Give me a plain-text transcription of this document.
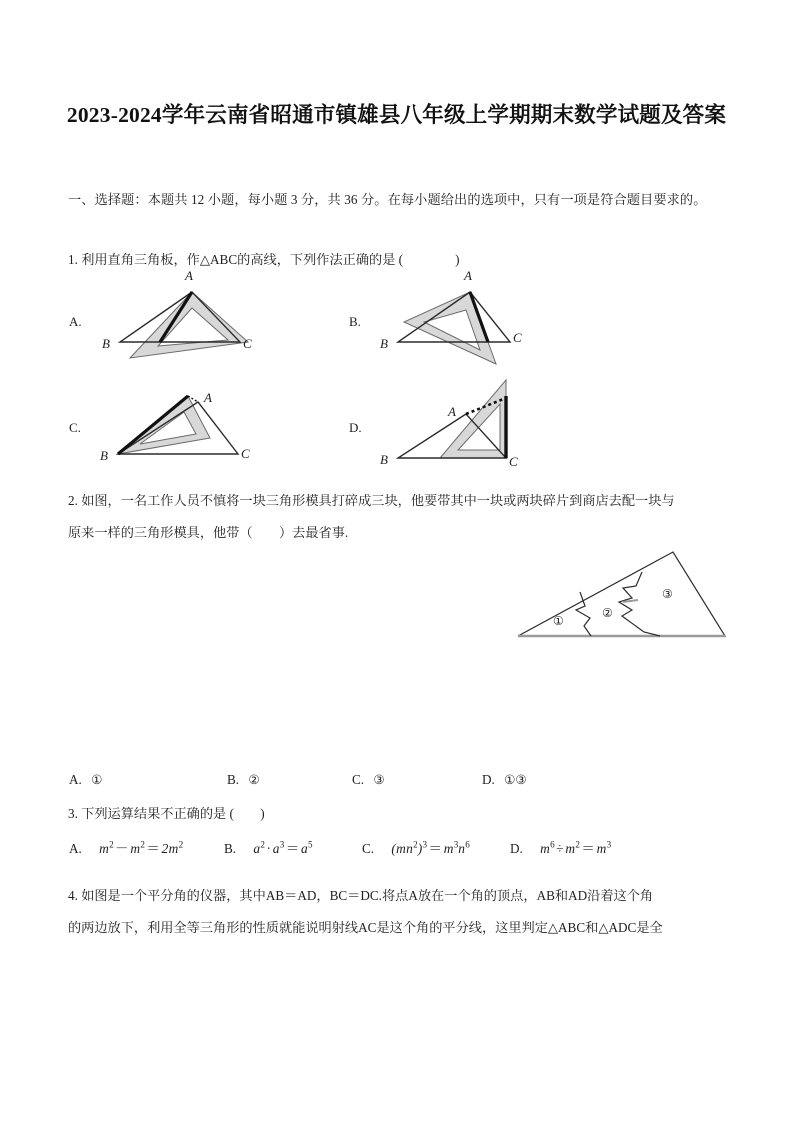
2023-2024学年云南省昭通市镇雄县八年级上学期期末数学试题及答案
一、选择题：本题共 12 小题，每小题 3 分，共 36 分。在每小题给出的选项中，只有一项是符合题目要求的。
1. 利用直角三角板，作△ABC的高线，下列作法正确的是 (	)
A.
A
B	C
B.
A
B	C
C.
A
B	C
D.
A
B	C
2. 如图，一名工作人员不慎将一块三角形模具打碎成三块，他要带其中一块或两块碎片到商店去配一块与
原来一样的三角形模具，他带（　　）去最省事.
①
②
③
A. ①	B. ②	C. ③	D. ①③
3. 下列运算结果不正确的是 (　　)
A. $m^2 - m^2 = 2m^2$	B. $a^2 \cdot a^3 = a^5$	C. $(mn^2)^3 = m^3n^6$	D. $m^6 \div m^2 = m^3$
4. 如图是一个平分角的仪器，其中AB＝AD，BC＝DC.将点A放在一个角的顶点，AB和AD沿着这个角
的两边放下，利用全等三角形的性质就能说明射线AC是这个角的平分线，这里判定△ABC和△ADC是全
